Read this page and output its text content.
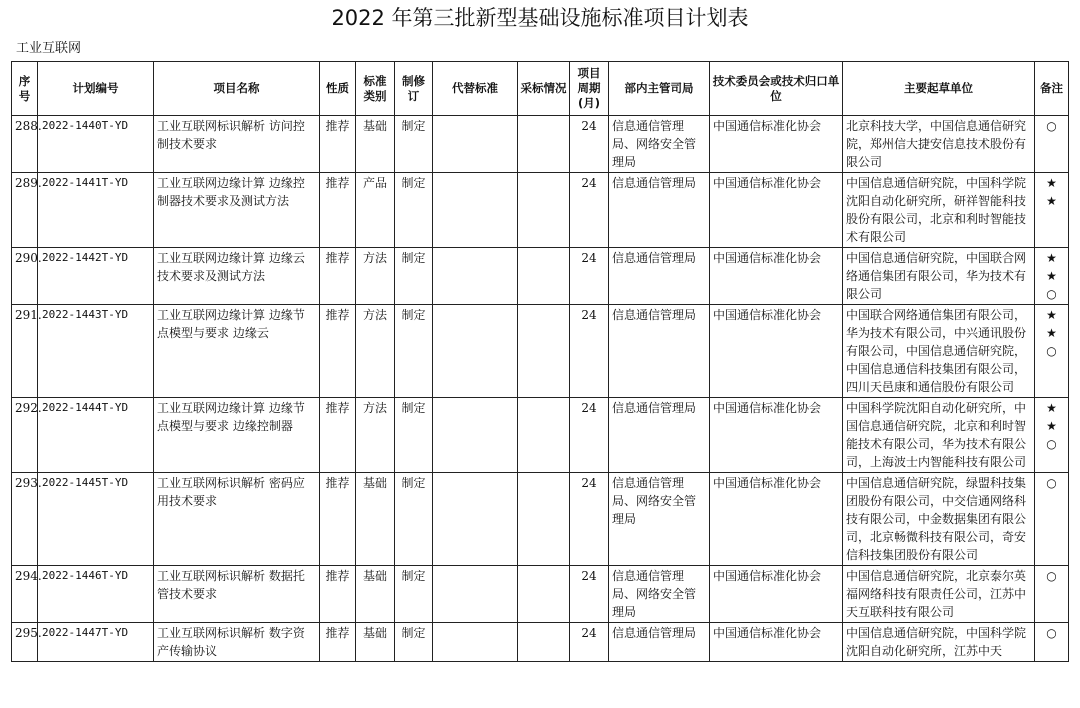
2022 年第三批新型基础设施标准项目计划表
工业互联网
序号	计划编号	项目名称	性质	标准类别	制修订	代替标准	采标情况	项目周期(月)	部内主管司局	技术委员会或技术归口单位	主要起草单位	备注
288.	2022-1440T-YD	工业互联网标识解析 访问控制技术要求	推荐	基础	制定			24	信息通信管理局、网络安全管理局	中国通信标准化协会	北京科技大学，中国信息通信研究院，郑州信大捷安信息技术股份有限公司	○

289.	2022-1441T-YD	工业互联网边缘计算 边缘控制器技术要求及测试方法	推荐	产品	制定			24	信息通信管理局	中国通信标准化协会	中国信息通信研究院，中国科学院沈阳自动化研究所，研祥智能科技股份有限公司，北京和利时智能技术有限公司	★
★

290.	2022-1442T-YD	工业互联网边缘计算 边缘云技术要求及测试方法	推荐	方法	制定			24	信息通信管理局	中国通信标准化协会	中国信息通信研究院，中国联合网络通信集团有限公司，华为技术有限公司	★
★
○

291.	2022-1443T-YD	工业互联网边缘计算 边缘节点模型与要求 边缘云	推荐	方法	制定			24	信息通信管理局	中国通信标准化协会	中国联合网络通信集团有限公司，华为技术有限公司，中兴通讯股份有限公司，中国信息通信研究院，中国信息通信科技集团有限公司，四川天邑康和通信股份有限公司	★
★
○

292.	2022-1444T-YD	工业互联网边缘计算 边缘节点模型与要求 边缘控制器	推荐	方法	制定			24	信息通信管理局	中国通信标准化协会	中国科学院沈阳自动化研究所，中国信息通信研究院，北京和利时智能技术有限公司，华为技术有限公司，上海波士内智能科技有限公司	★
★
○

293.	2022-1445T-YD	工业互联网标识解析 密码应用技术要求	推荐	基础	制定			24	信息通信管理局、网络安全管理局	中国通信标准化协会	中国信息通信研究院，绿盟科技集团股份有限公司，中交信通网络科技有限公司，中金数据集团有限公司，北京畅微科技有限公司，奇安信科技集团股份有限公司	○

294.	2022-1446T-YD	工业互联网标识解析 数据托管技术要求	推荐	基础	制定			24	信息通信管理局、网络安全管理局	中国通信标准化协会	中国信息通信研究院，北京泰尔英福网络科技有限责任公司，江苏中天互联科技有限公司	○

295.	2022-1447T-YD	工业互联网标识解析 数字资产传输协议	推荐	基础	制定			24	信息通信管理局	中国通信标准化协会	中国信息通信研究院，中国科学院沈阳自动化研究所，江苏中天	○
